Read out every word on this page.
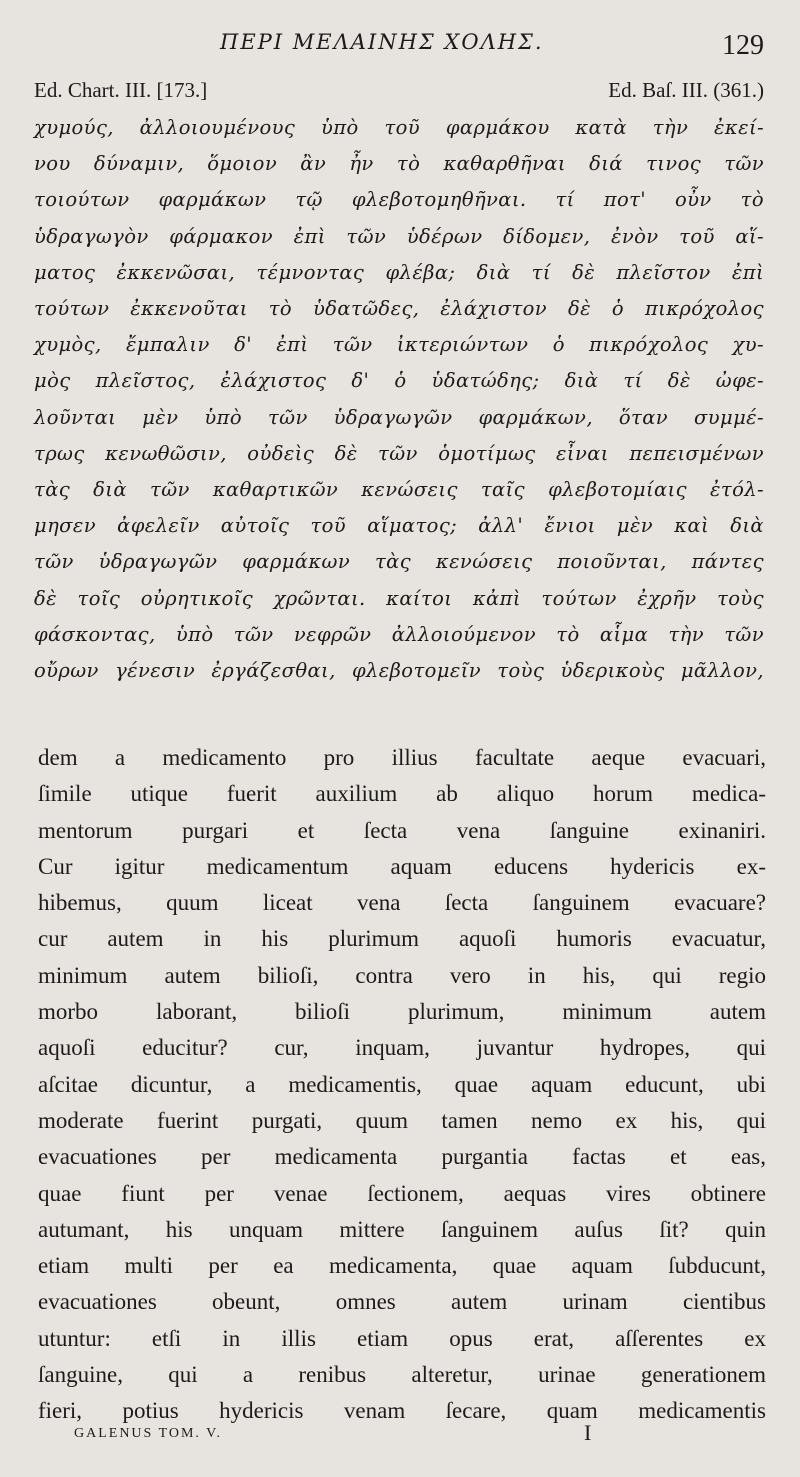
ΠΕΡΙ ΜΕΛΑΙΝΗΣ ΧΟΛΗΣ.	129
Ed. Chart. III. [173.]	Ed. Baſ. III. (361.)
χυμούς, ἀλλοιουμένους ὑπὸ τοῦ φαρμάκου κατὰ τὴν ἐκεί-
νου δύναμιν, ὅμοιον ἂν ἦν τὸ καθαρθῆναι διά τινος τῶν
τοιούτων φαρμάκων τῷ φλεβοτομηθῆναι. τί ποτ' οὖν τὸ
ὑδραγωγὸν φάρμακον ἐπὶ τῶν ὑδέρων δίδομεν, ἐνὸν τοῦ αἵ-
ματος ἐκκενῶσαι, τέμνοντας φλέβα; διὰ τί δὲ πλεῖστον ἐπὶ
τούτων ἐκκενοῦται τὸ ὑδατῶδες, ἐλάχιστον δὲ ὁ πικρόχολος
χυμὸς, ἔμπαλιν δ' ἐπὶ τῶν ἰκτεριώντων ὁ πικρόχολος χυ-
μὸς πλεῖστος, ἐλάχιστος δ' ὁ ὑδατώδης; διὰ τί δὲ ὠφε-
λοῦνται μὲν ὑπὸ τῶν ὑδραγωγῶν φαρμάκων, ὅταν συμμέ-
τρως κενωθῶσιν, οὐδεὶς δὲ τῶν ὁμοτίμως εἶναι πεπεισμένων
τὰς διὰ τῶν καθαρτικῶν κενώσεις ταῖς φλεβοτομίαις ἐτόλ-
μησεν ἀφελεῖν αὐτοῖς τοῦ αἵματος; ἀλλ' ἔνιοι μὲν καὶ διὰ
τῶν ὑδραγωγῶν φαρμάκων τὰς κενώσεις ποιοῦνται, πάντες
δὲ τοῖς οὐρητικοῖς χρῶνται. καίτοι κἀπὶ τούτων ἐχρῆν τοὺς
φάσκοντας, ὑπὸ τῶν νεφρῶν ἀλλοιούμενον τὸ αἷμα τὴν τῶν
οὔρων γένεσιν ἐργάζεσθαι, φλεβοτομεῖν τοὺς ὑδερικοὺς μᾶλλον,
dem a medicamento pro illius facultate aeque evacuari,
ſimile utique fuerit auxilium ab aliquo horum medica-
mentorum purgari et ſecta vena ſanguine exinaniri.
Cur igitur medicamentum aquam educens hydericis ex-
hibemus, quum liceat vena ſecta ſanguinem evacuare?
cur autem in his plurimum aquoſi humoris evacuatur,
minimum autem bilioſi, contra vero in his, qui regio
morbo laborant, bilioſi plurimum, minimum autem
aquoſi educitur? cur, inquam, juvantur hydropes, qui
aſcitae dicuntur, a medicamentis, quae aquam educunt, ubi
moderate fuerint purgati, quum tamen nemo ex his, qui
evacuationes per medicamenta purgantia factas et eas,
quae fiunt per venae ſectionem, aequas vires obtinere
autumant, his unquam mittere ſanguinem auſus ſit? quin
etiam multi per ea medicamenta, quae aquam ſubducunt,
evacuationes obeunt, omnes autem urinam cientibus
utuntur: etſi in illis etiam opus erat, aſſerentes ex
ſanguine, qui a renibus alteretur, urinae generationem
fieri, potius hydericis venam ſecare, quam medicamentis
GALENUS TOM. V.	I
